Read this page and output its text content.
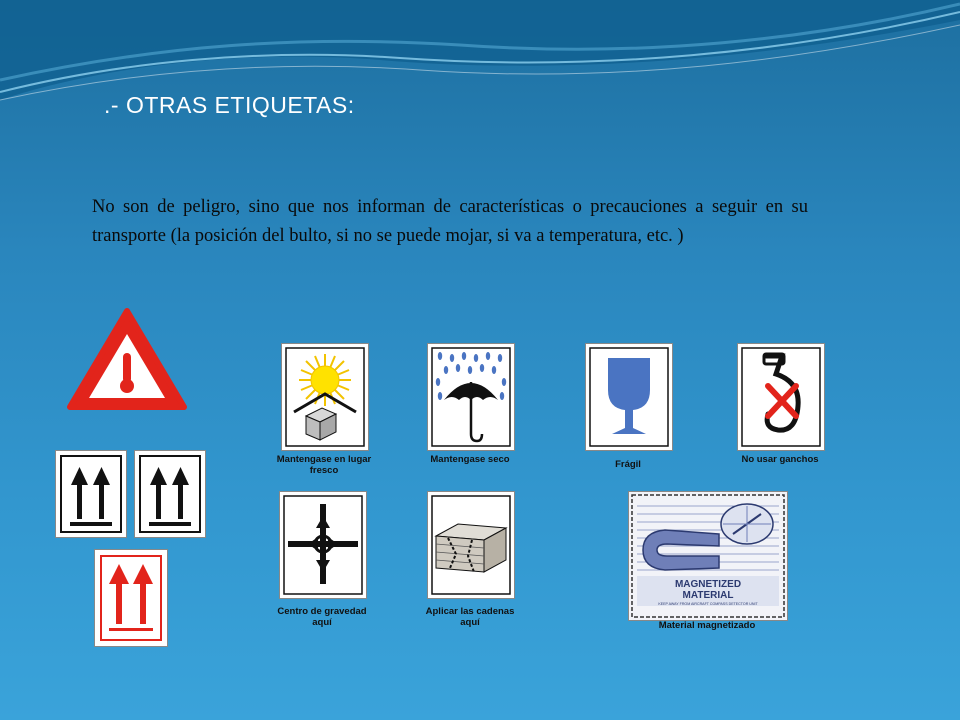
.- OTRAS ETIQUETAS:
No son de peligro, sino que nos informan de características o precauciones a seguir en su transporte (la posición del bulto, si no se puede mojar, si va a temperatura, etc. )
Mantengase en lugar fresco
Mantengase seco	Frágil	No usar ganchos
Centro de gravedad aquí
Aplicar las cadenas aquí
MAGNETIZED
MATERIAL
KEEP AWAY FROM AIRCRAFT COMPASS DETECTOR UNIT
Material magnetizado
